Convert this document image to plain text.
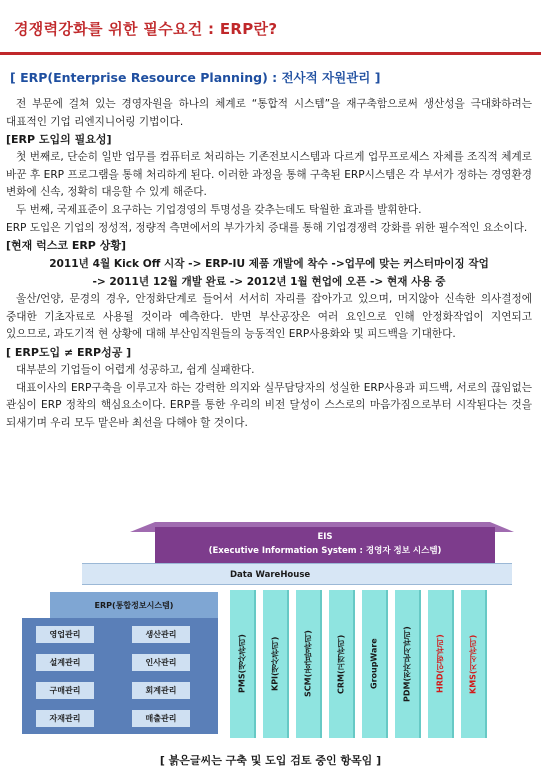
경쟁력강화를 위한 필수요건 : ERP란?
[ ERP(Enterprise Resource Planning) : 전사적 자원관리 ]

전 부문에 걸쳐 있는 경영자원을 하나의 체계로 “통합적 시스템”을 재구축함으로써 생산성을 극대화하려는 대표적인 기업 리엔지니어링 기법이다.

[ERP 도입의 필요성]

첫 번째로, 단순히 일반 업무를 컴퓨터로 처리하는 기존전보시스템과 다르게 업무프로세스 자체를 조직적 체계로 바꾼 후 ERP 프로그램을 통해 처리하게 된다. 이러한 과정을 통해 구축된 ERP시스템은 각 부서가 정하는 경영환경 변화에 신속, 정확히 대응할 수 있게 해준다.

두 번째, 국제표준이 요구하는 기업경영의 투명성을 갖추는데도 탁월한 효과를 발휘한다.

ERP 도입은 기업의 정성적, 정량적 측면에서의 부가가치 증대를 통해 기업경쟁력 강화를 위한 필수적인 요소이다.

[현재 럭스코 ERP 상황]

2011년 4월 Kick Off 시작 -> ERP-IU 제품 개발에 착수 ->업무에 맞는 커스터마이징 작업

-> 2011년 12월 개발 완료 -> 2012년 1월 현업에 오픈 -> 현재 사용 중

울산/언양, 문경의 경우, 안정화단계로 들어서 서서히 자리를 잡아가고 있으며, 머지않아 신속한 의사결정에 중대한 기초자료로 사용될 것이라 예측한다. 반면 부산공장은 여러 요인으로 인해 안정화작업이 지연되고 있으므로, 과도기적 현 상황에 대해 부산임직원들의 능동적인 ERP사용화와 및 피드백을 기대한다.

[ ERP도입 ≠ ERP성공 ]

대부분의 기업들이 어렵게 성공하고, 쉽게 실패한다.

대표이사의 ERP구축을 이루고자 하는 강력한 의지와 실무담당자의 성실한 ERP사용과 피드백, 서로의 끊임없는 관심이 ERP 정착의 핵심요소이다. ERP를 통한 우리의 비전 달성이 스스로의 마음가짐으로부터 시작된다는 것을 되새기며 우리 모두 맡은바 최선을 다해야 할 것이다.

EIS
(Executive Information System : 경영자 정보 시스템)
Data WareHouse
ERP(통합정보시스템)
영업관리	생산관리
설계관리	인사관리
구매관리	회계관리
자재관리	매출관리
PMS(생산관리)	KPI(생산관리)	SCM(공급망관리)	CRM(고객관리)	GroupWare	PDM(전자문서관리)	HRD(인력관리)	KMS(지식관리)
[ 붉은글씨는 구축 및 도입 검토 중인 항목임 ]
